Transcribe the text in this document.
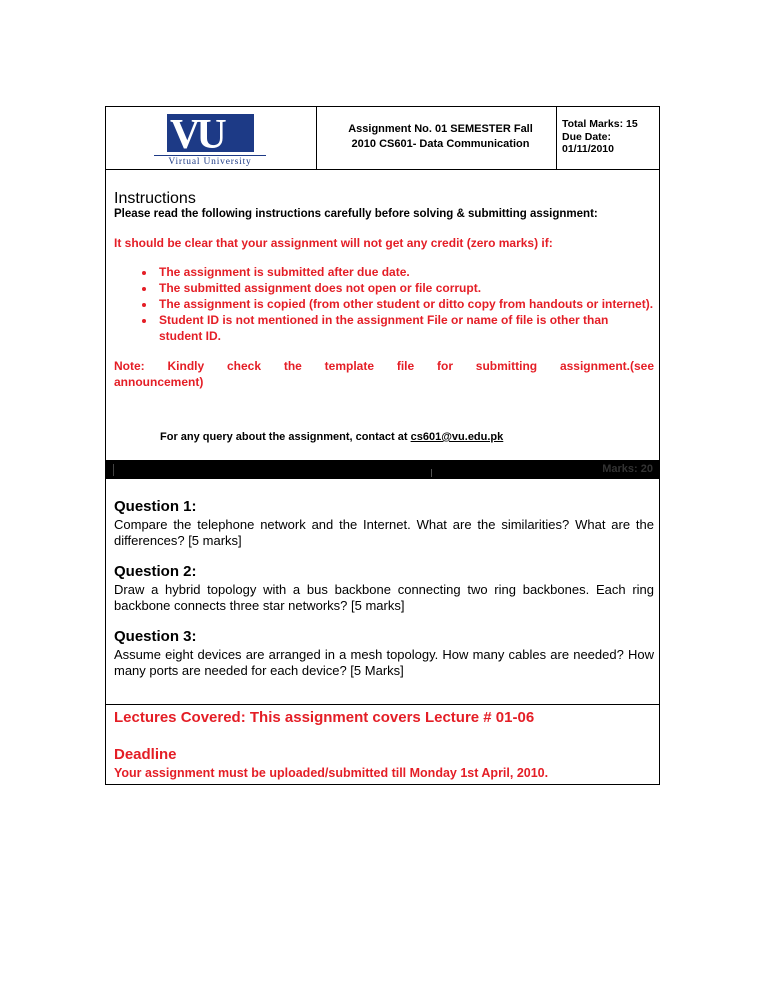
VU
Virtual University
Assignment No. 01 SEMESTER Fall
2010 CS601- Data Communication
Total Marks: 15
Due Date:
01/11/2010
Instructions

Please read the following instructions carefully before solving & submitting assignment:

It should be clear that your assignment will not get any credit (zero marks) if:

• The assignment is submitted after due date.
• The submitted assignment does not open or file corrupt.
• The assignment is copied (from other student or ditto copy from handouts or internet).
• Student ID is not mentioned in the assignment File or name of file is other than student ID.

Note: Kindly check the template file for submitting assignment.(see

announcement)

For any query about the assignment, contact at cs601@vu.edu.pk
Marks: 20
Question 1:

Compare the telephone network and the Internet. What are the similarities? What are the differences? [5 marks]

Question 2:

Draw a hybrid topology with a bus backbone connecting two ring backbones. Each ring backbone connects three star networks? [5 marks]

Question 3:

Assume eight devices are arranged in a mesh topology. How many cables are needed? How many ports are needed for each device? [5 Marks]

Lectures Covered: This assignment covers Lecture # 01-06

Deadline

Your assignment must be uploaded/submitted till Monday 1st April, 2010.
